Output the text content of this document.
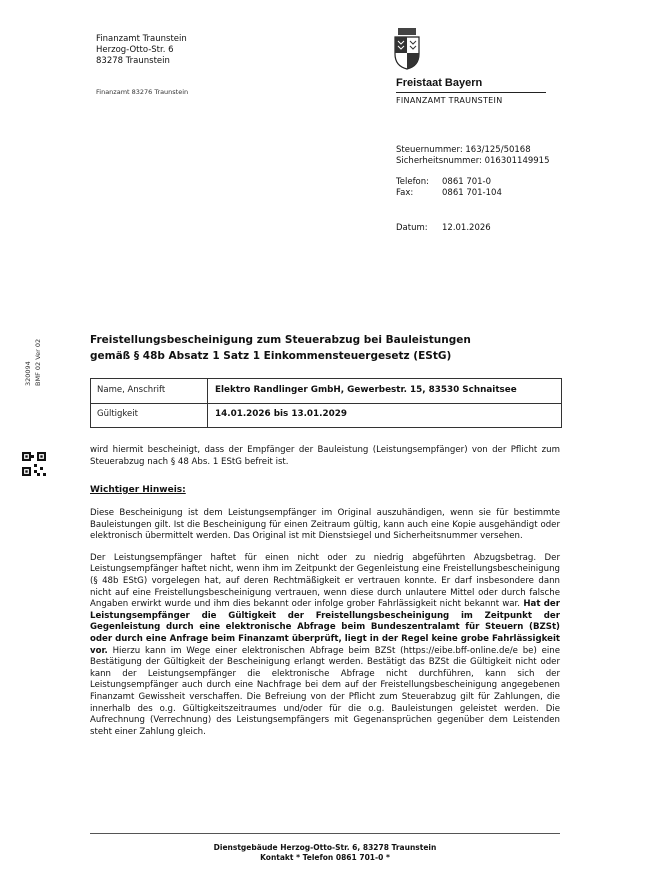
Finanzamt Traunstein
Herzog-Otto-Str. 6
83278 Traunstein
Finanzamt 83276 Traunstein
Freistaat Bayern
FINANZAMT TRAUNSTEIN
Steuernummer: 163/125/50168
Sicherheitsnummer: 016301149915
Telefon:	0861 701-0
Fax:	0861 701-104
Datum:	12.01.2026
320094 BMF 02 Ver 02	Freistellungsbescheinigung zum Steuerabzug bei Bauleistungen
gemäß § 48b Absatz 1 Satz 1 Einkommensteuergesetz (EStG)
Name, Anschrift	Elektro Randlinger GmbH, Gewerbestr. 15, 83530 Schnaitsee
Gültigkeit	14.01.2026 bis 13.01.2029
wird hiermit bescheinigt, dass der Empfänger der Bauleistung (Leistungsempfänger) von der Pflicht zum Steuerabzug nach § 48 Abs. 1 EStG befreit ist.
Wichtiger Hinweis:

Diese Bescheinigung ist dem Leistungsempfänger im Original auszuhändigen, wenn sie für bestimmte Bauleistungen gilt. Ist die Bescheinigung für einen Zeitraum gültig, kann auch eine Kopie ausgehändigt oder elektronisch übermittelt werden. Das Original ist mit Dienstsiegel und Sicherheitsnummer versehen.

Der Leistungsempfänger haftet für einen nicht oder zu niedrig abgeführten Abzugsbetrag. Der Leistungsempfänger haftet nicht, wenn ihm im Zeitpunkt der Gegenleistung eine Freistellungsbescheinigung (§ 48b EStG) vorgelegen hat, auf deren Rechtmäßigkeit er vertrauen konnte. Er darf insbesondere dann nicht auf eine Freistellungsbescheinigung vertrauen, wenn diese durch unlautere Mittel oder durch falsche Angaben erwirkt wurde und ihm dies bekannt oder infolge grober Fahrlässigkeit nicht bekannt war. Hat der Leistungsempfänger die Gültigkeit der Freistellungsbescheinigung im Zeitpunkt der Gegenleistung durch eine elektronische Abfrage beim Bundeszentralamt für Steuern (BZSt) oder durch eine Anfrage beim Finanzamt überprüft, liegt in der Regel keine grobe Fahrlässigkeit vor. Hierzu kann im Wege einer elektronischen Abfrage beim BZSt (https://eibe.bff-online.de/e be) eine Bestätigung der Gültigkeit der Bescheinigung erlangt werden. Bestätigt das BZSt die Gültigkeit nicht oder kann der Leistungsempfänger die elektronische Abfrage nicht durchführen, kann sich der Leistungsempfänger auch durch eine Nachfrage bei dem auf der Freistellungsbescheinigung angegebenen Finanzamt Gewissheit verschaffen. Die Befreiung von der Pflicht zum Steuerabzug gilt für Zahlungen, die innerhalb des o.g. Gültigkeitszeitraumes und/oder für die o.g. Bauleistungen geleistet werden. Die Aufrechnung (Verrechnung) des Leistungsempfängers mit Gegenansprüchen gegenüber dem Leistenden steht einer Zahlung gleich.

Dienstgebäude Herzog-Otto-Str. 6, 83278 Traunstein
Kontakt * Telefon 0861 701-0 *
